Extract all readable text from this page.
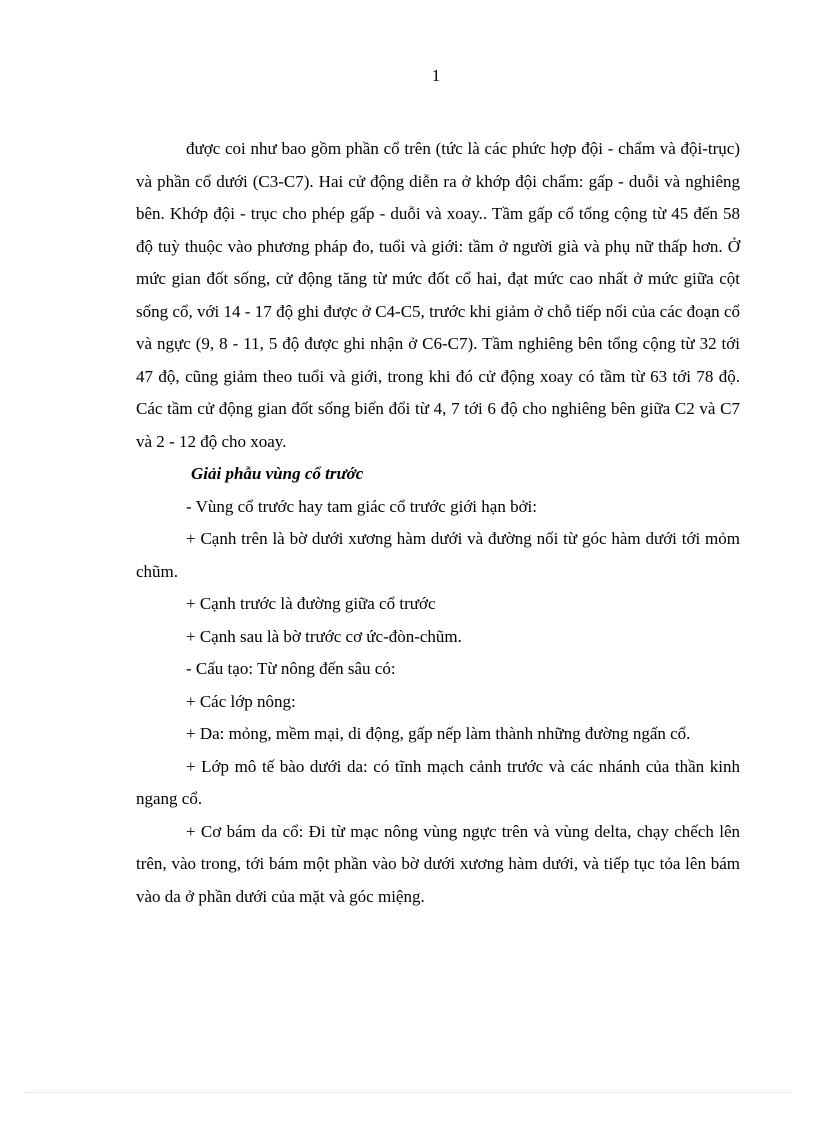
1

được coi như bao gồm phần cổ trên (tức là các phức hợp đội - chẩm và đội-trục) và phần cổ dưới (C3-C7). Hai cử động diễn ra ở khớp đội chẩm: gấp - duỗi và nghiêng bên. Khớp đội - trục cho phép gấp - duỗi và xoay.. Tầm gấp cổ tổng cộng từ 45 đến 58 độ tuỳ thuộc vào phương pháp đo, tuổi và giới: tầm ở người già và phụ nữ thấp hơn. Ở mức gian đốt sống, cử động tăng từ mức đốt cổ hai, đạt mức cao nhất ở mức giữa cột sống cổ, với 14 - 17 độ ghi được ở C4-C5, trước khi giảm ở chỗ tiếp nối của các đoạn cổ và ngực (9, 8 - 11, 5 độ được ghi nhận ở C6-C7). Tầm nghiêng bên tổng cộng từ 32 tới 47 độ, cũng giảm theo tuổi và giới, trong khi đó cử động xoay có tầm từ 63 tới 78 độ. Các tầm cử động gian đốt sống biến đổi từ 4, 7 tới 6 độ cho nghiêng bên giữa C2 và C7 và 2 - 12 độ cho xoay.

Giải phẫu vùng cổ trước

- Vùng cổ trước hay tam giác cổ trước giới hạn bởi:

+ Cạnh trên là bờ dưới xương hàm dưới và đường nối từ góc hàm dưới tới mỏm chũm.

+ Cạnh trước là đường giữa cổ trước

+ Cạnh sau là bờ trước cơ ức-đòn-chũm.

- Cấu tạo: Từ nông đến sâu có:

+ Các lớp nông:

+ Da: mỏng, mềm mại, di động, gấp nếp làm thành những đường ngấn cổ.

+ Lớp mô tế bào dưới da: có tĩnh mạch cảnh trước và các nhánh của thần kinh ngang cổ.

+ Cơ bám da cổ: Đi từ mạc nông vùng ngực trên và vùng delta, chạy chếch lên trên, vào trong, tới bám một phần vào bờ dưới xương hàm dưới, và tiếp tục tỏa lên bám vào da ở phần dưới của mặt và góc miệng.
